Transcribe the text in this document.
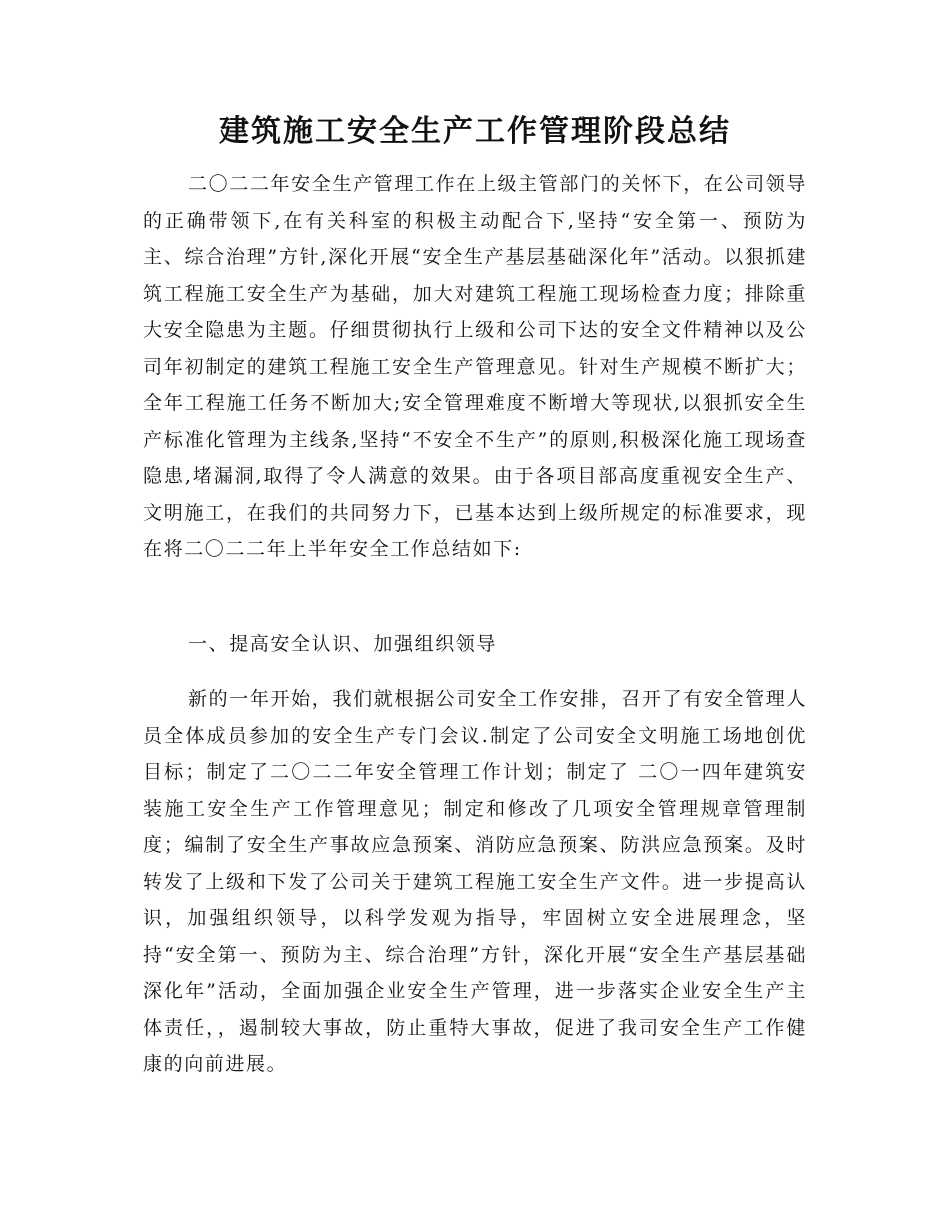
建筑施工安全生产工作管理阶段总结

二〇二二年安全生产管理工作在上级主管部门的关怀下，在公司领导的正确带领下,在有关科室的积极主动配合下,坚持“安全第一、预防为主、综合治理”方针,深化开展“安全生产基层基础深化年”活动。以狠抓建筑工程施工安全生产为基础，加大对建筑工程施工现场检查力度；排除重大安全隐患为主题。仔细贯彻执行上级和公司下达的安全文件精神以及公司年初制定的建筑工程施工安全生产管理意见。针对生产规模不断扩大；全年工程施工任务不断加大;安全管理难度不断增大等现状,以狠抓安全生产标准化管理为主线条,坚持“不安全不生产”的原则,积极深化施工现场查隐患,堵漏洞,取得了令人满意的效果。由于各项目部高度重视安全生产、文明施工，在我们的共同努力下，已基本达到上级所规定的标准要求，现在将二〇二二年上半年安全工作总结如下:

一、提高安全认识、加强组织领导

新的一年开始，我们就根据公司安全工作安排，召开了有安全管理人员全体成员参加的安全生产专门会议.制定了公司安全文明施工场地创优目标；制定了二〇二二年安全管理工作计划；制定了 二〇一四年建筑安装施工安全生产工作管理意见；制定和修改了几项安全管理规章管理制度；编制了安全生产事故应急预案、消防应急预案、防洪应急预案。及时转发了上级和下发了公司关于建筑工程施工安全生产文件。进一步提高认识，加强组织领导，以科学发观为指导，牢固树立安全进展理念，坚持“安全第一、预防为主、综合治理”方针，深化开展“安全生产基层基础深化年”活动，全面加强企业安全生产管理，进一步落实企业安全生产主体责任，，遏制较大事故，防止重特大事故，促进了我司安全生产工作健康的向前进展。
